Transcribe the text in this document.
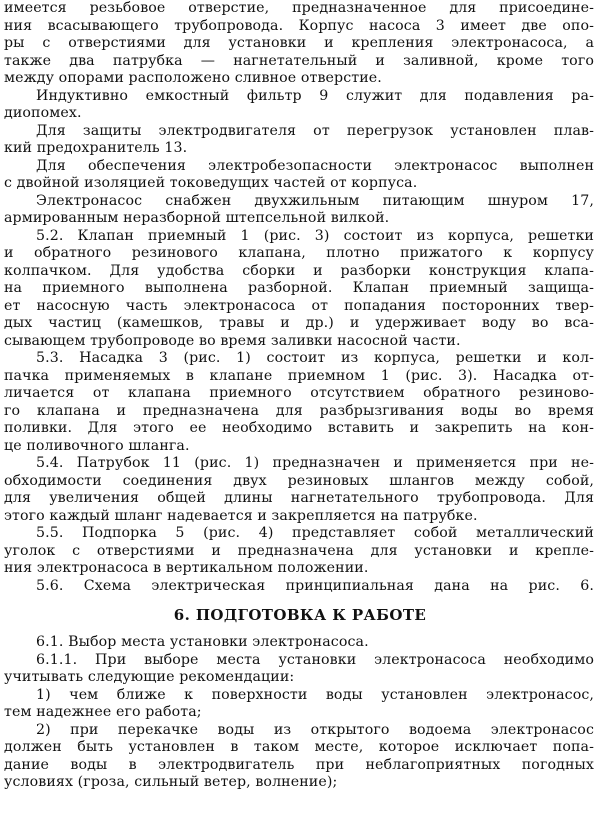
имеется резьбовое отверстие, предназначенное для присоедине-
ния всасывающего трубопровода. Корпус насоса 3 имеет две опо-
ры с отверстиями для установки и крепления электронасоса, а
также два патрубка — нагнетательный и заливной, кроме того
между опорами расположено сливное отверстие.
Индуктивно емкостный фильтр 9 служит для подавления ра-
диопомех.
Для защиты электродвигателя от перегрузок установлен плав-
кий предохранитель 13.
Для обеспечения электробезопасности электронасос выполнен
с двойной изоляцией токоведущих частей от корпуса.
Электронасос снабжен двухжильным питающим шнуром 17,
армированным неразборной штепсельной вилкой.
5.2. Клапан приемный 1 (рис. 3) состоит из корпуса, решетки
и обратного резинового клапана, плотно прижатого к корпусу
колпачком. Для удобства сборки и разборки конструкция клапа-
на приемного выполнена разборной. Клапан приемный защища-
ет насосную часть электронасоса от попадания посторонних твер-
дых частиц (камешков, травы и др.) и удерживает воду во вса-
сывающем трубопроводе во время заливки насосной части.
5.3. Насадка 3 (рис. 1) состоит из корпуса, решетки и кол-
пачка применяемых в клапане приемном 1 (рис. 3). Насадка от-
личается от клапана приемного отсутствием обратного резиново-
го клапана и предназначена для разбрызгивания воды во время
поливки. Для этого ее необходимо вставить и закрепить на кон-
це поливочного шланга.
5.4. Патрубок 11 (рис. 1) предназначен и применяется при не-
обходимости соединения двух резиновых шлангов между собой,
для увеличения общей длины нагнетательного трубопровода. Для
этого каждый шланг надевается и закрепляется на патрубке.
5.5. Подпорка 5 (рис. 4) представляет собой металлический
уголок с отверстиями и предназначена для установки и крепле-
ния электронасоса в вертикальном положении.
5.6. Схема электрическая принципиальная дана на рис. 6.
6. ПОДГОТОВКА К РАБОТЕ
6.1. Выбор места установки электронасоса.
6.1.1. При выборе места установки электронасоса необходимо
учитывать следующие рекомендации:
1) чем ближе к поверхности воды установлен электронасос,
тем надежнее его работа;
2) при перекачке воды из открытого водоема электронасос
должен быть установлен в таком месте, которое исключает попа-
дание воды в электродвигатель при неблагоприятных погодных
условиях (гроза, сильный ветер, волнение);
